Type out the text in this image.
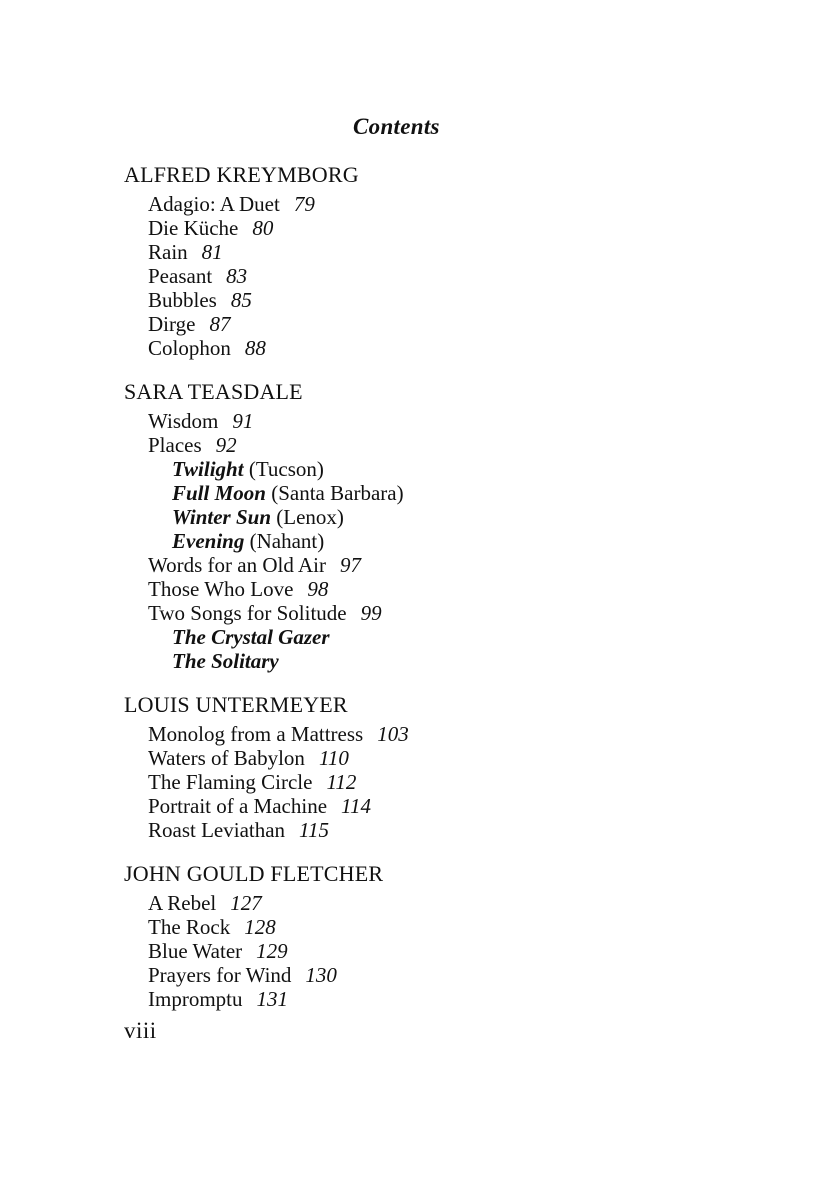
Contents
ALFRED KREYMBORG
Adagio: A Duet 79
Die Küche 80
Rain 81
Peasant 83
Bubbles 85
Dirge 87
Colophon 88
SARA TEASDALE
Wisdom 91
Places 92
Twilight (Tucson)
Full Moon (Santa Barbara)
Winter Sun (Lenox)
Evening (Nahant)
Words for an Old Air 97
Those Who Love 98
Two Songs for Solitude 99
The Crystal Gazer
The Solitary
LOUIS UNTERMEYER
Monolog from a Mattress 103
Waters of Babylon 110
The Flaming Circle 112
Portrait of a Machine 114
Roast Leviathan 115
JOHN GOULD FLETCHER
A Rebel 127
The Rock 128
Blue Water 129
Prayers for Wind 130
Impromptu 131
viii
